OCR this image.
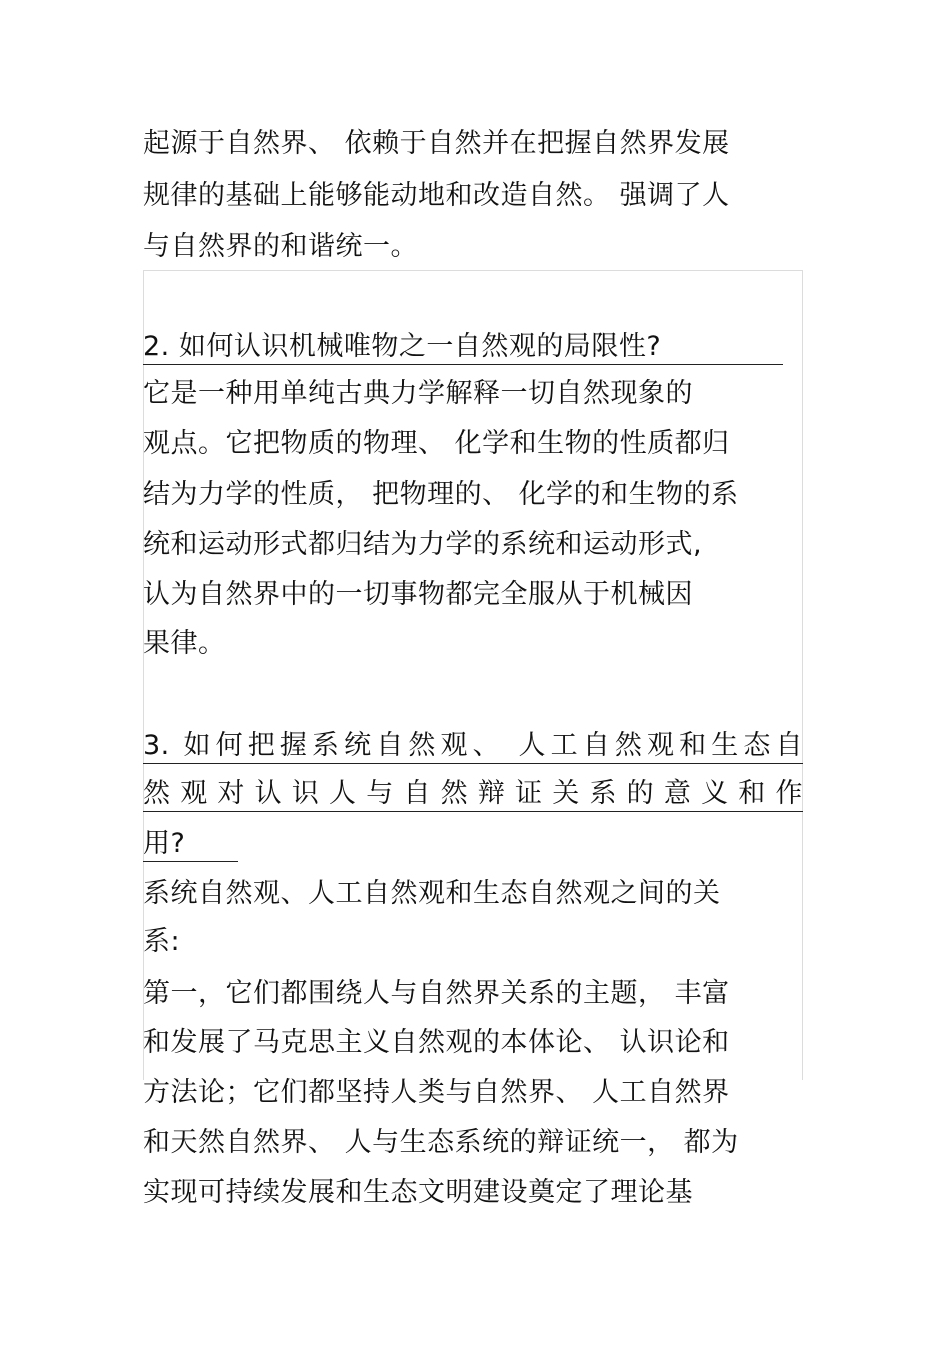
起源于自然界、 依赖于自然并在把握自然界发展
规律的基础上能够能动地和改造自然。 强调了人
与自然界的和谐统一。
2. 如何认识机械唯物之一自然观的局限性?
它是一种用单纯古典力学解释一切自然现象的
观点。它把物质的物理、 化学和生物的性质都归
结为力学的性质， 把物理的、 化学的和生物的系
统和运动形式都归结为力学的系统和运动形式,
认为自然界中的一切事物都完全服从于机械因
果律。
3. 如何把握系统自然观、 人工自然观和生态自
然观对认识人与自然辩证关系的意义和作
用?
系统自然观、人工自然观和生态自然观之间的关
系:
第一，它们都围绕人与自然界关系的主题， 丰富
和发展了马克思主义自然观的本体论、 认识论和
方法论；它们都坚持人类与自然界、 人工自然界
和天然自然界、 人与生态系统的辩证统一， 都为
实现可持续发展和生态文明建设奠定了理论基
